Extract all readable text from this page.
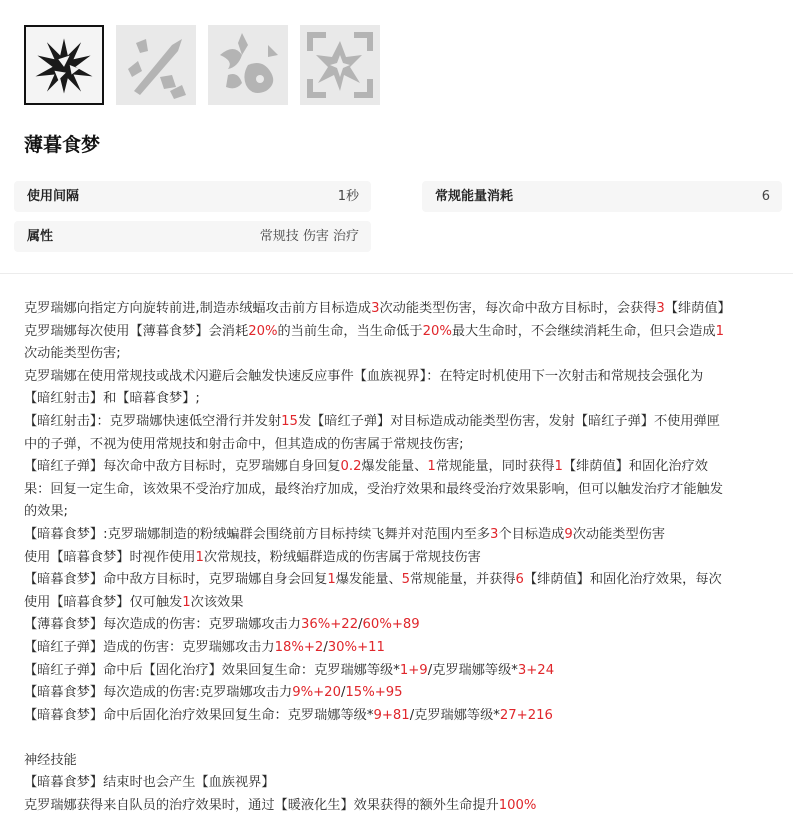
薄暮食梦
使用间隔	1秒	常规能量消耗	6
属性	常规技 伤害 治疗
克罗瑞娜向指定方向旋转前进,制造赤绒蝠攻击前方目标造成3次动能类型伤害，每次命中敌方目标时，会获得3【绯荫值】
克罗瑞娜每次使用【薄暮食梦】会消耗20%的当前生命，当生命低于20%最大生命时，不会继续消耗生命，但只会造成1
次动能类型伤害;
克罗瑞娜在使用常规技或战术闪避后会触发快速反应事件【血族视界】：在特定时机使用下一次射击和常规技会强化为
【暗红射击】和【暗暮食梦】;
【暗红射击】：克罗瑞娜快速低空滑行并发射15发【暗红子弹】对目标造成动能类型伤害，发射【暗红子弹】不使用弹匣
中的子弹，不视为使用常规技和射击命中，但其造成的伤害属于常规技伤害;
【暗红子弹】每次命中敌方目标时，克罗瑞娜自身回复0.2爆发能量、1常规能量，同时获得1【绯荫值】和固化治疗效
果：回复一定生命，该效果不受治疗加成，最终治疗加成，受治疗效果和最终受治疗效果影响，但可以触发治疗才能触发
的效果;
【暗暮食梦】:克罗瑞娜制造的粉绒蝙群会围绕前方目标持续飞舞并对范围内至多3个目标造成9次动能类型伤害
使用【暗暮食梦】时视作使用1次常规技，粉绒蝠群造成的伤害属于常规技伤害
【暗暮食梦】命中敌方目标时，克罗瑞娜自身会回复1爆发能量、5常规能量，并获得6【绯荫值】和固化治疗效果，每次
使用【暗暮食梦】仅可触发1次该效果
【薄暮食梦】每次造成的伤害：克罗瑞娜攻击力36%+22/60%+89
【暗红子弹】造成的伤害：克罗瑞娜攻击力18%+2/30%+11
【暗红子弹】命中后【固化治疗】效果回复生命：克罗瑞娜等级*1+9/克罗瑞娜等级*3+24
【暗暮食梦】每次造成的伤害:克罗瑞娜攻击力9%+20/15%+95
【暗暮食梦】命中后固化治疗效果回复生命：克罗瑞娜等级*9+81/克罗瑞娜等级*27+216
神经技能
【暗暮食梦】结束时也会产生【血族视界】
克罗瑞娜获得来自队员的治疗效果时，通过【暖液化生】效果获得的额外生命提升100%
